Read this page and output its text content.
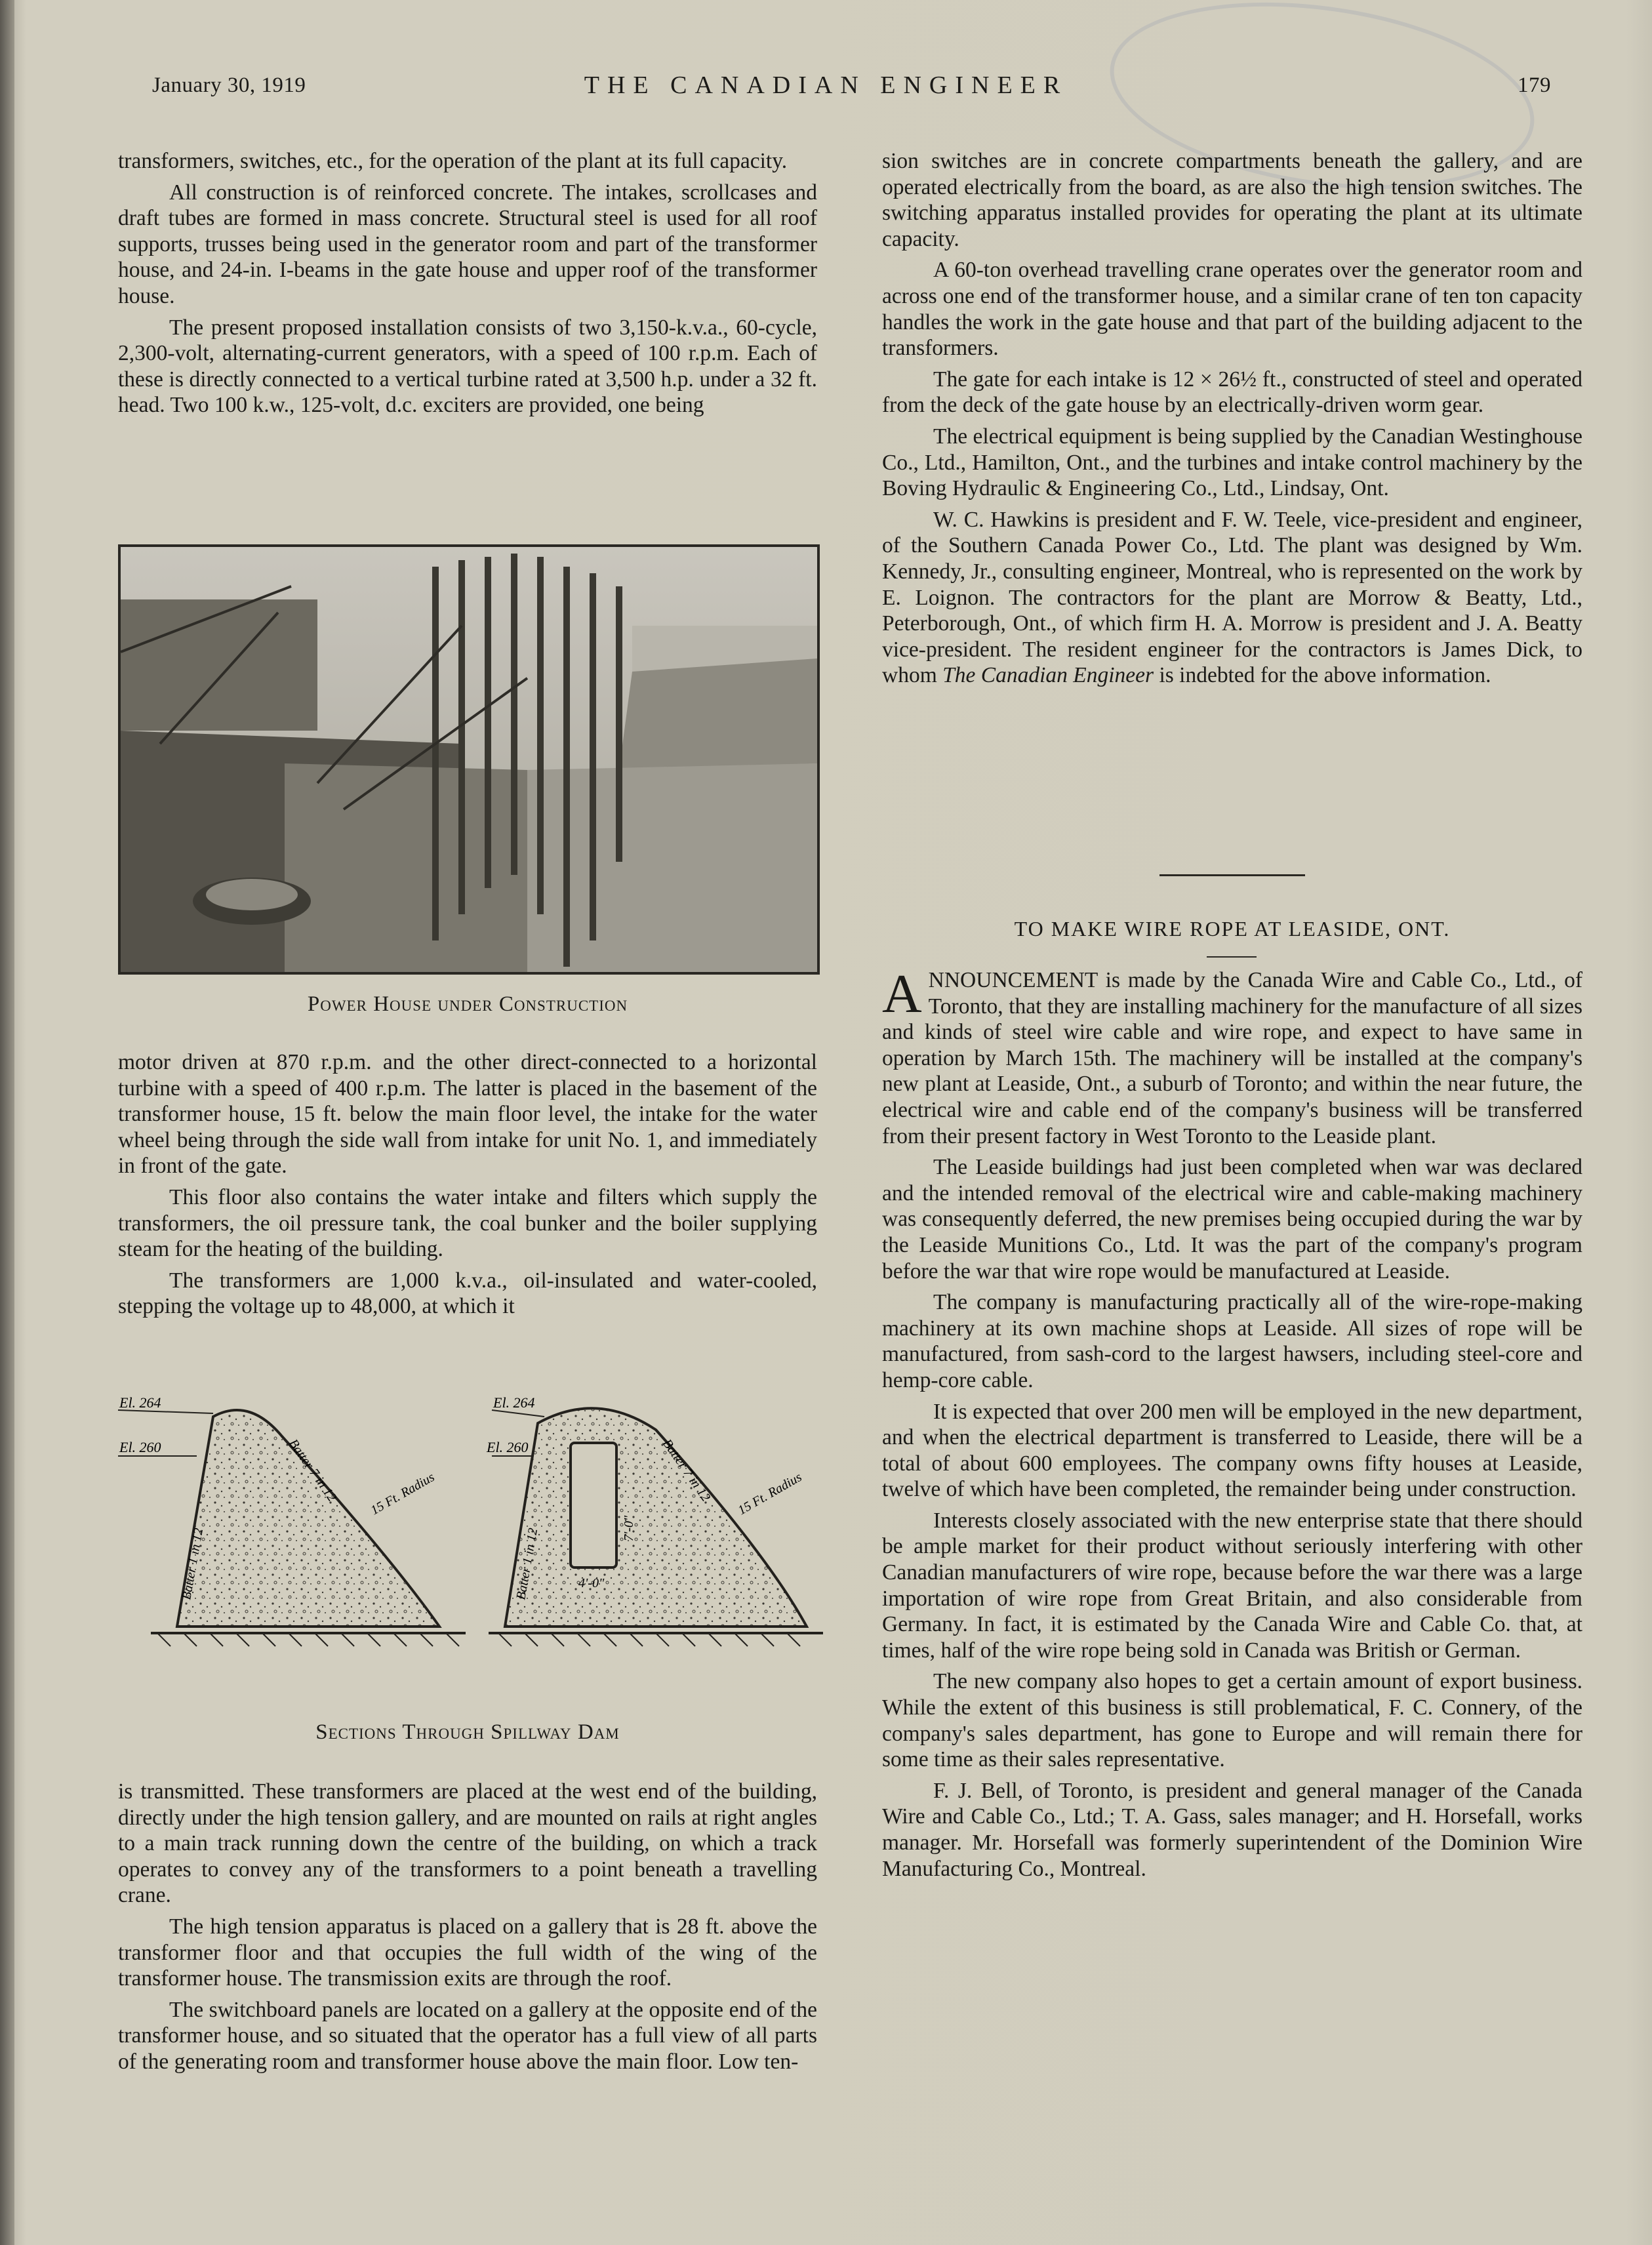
January 30, 1919	THE CANADIAN ENGINEER	179

transformers, switches, etc., for the operation of the plant at its full capacity.

All construction is of reinforced concrete. The intakes, scrollcases and draft tubes are formed in mass concrete. Structural steel is used for all roof supports, trusses being used in the generator room and part of the transformer house, and 24-in. I-beams in the gate house and upper roof of the transformer house.

The present proposed installation consists of two 3,150-k.v.a., 60-cycle, 2,300-volt, alternating-current generators, with a speed of 100 r.p.m. Each of these is directly connected to a vertical turbine rated at 3,500 h.p. under a 32 ft. head. Two 100 k.w., 125-volt, d.c. exciters are provided, one being

Power House under Construction

motor driven at 870 r.p.m. and the other direct-connected to a horizontal turbine with a speed of 400 r.p.m. The latter is placed in the basement of the transformer house, 15 ft. below the main floor level, the intake for the water wheel being through the side wall from intake for unit No. 1, and immediately in front of the gate.

This floor also contains the water intake and filters which supply the transformers, the oil pressure tank, the coal bunker and the boiler supplying steam for the heating of the building.

The transformers are 1,000 k.v.a., oil-insulated and water-cooled, stepping the voltage up to 48,000, at which it

El. 264
El. 260
Batter 1 in 12
Batter 7 in 12 15 Ft. Radius
El. 264
El. 260
Batter 1 in 12
Batter 7 in 12 15 Ft. Radius
7'-0"
4'-0"
Sections Through Spillway Dam

is transmitted. These transformers are placed at the west end of the building, directly under the high tension gallery, and are mounted on rails at right angles to a main track running down the centre of the building, on which a track operates to convey any of the transformers to a point beneath a travelling crane.

The high tension apparatus is placed on a gallery that is 28 ft. above the transformer floor and that occupies the full width of the wing of the transformer house. The transmission exits are through the roof.

The switchboard panels are located on a gallery at the opposite end of the transformer house, and so situated that the operator has a full view of all parts of the generating room and transformer house above the main floor. Low ten-

sion switches are in concrete compartments beneath the gallery, and are operated electrically from the board, as are also the high tension switches. The switching apparatus installed provides for operating the plant at its ultimate capacity.

A 60-ton overhead travelling crane operates over the generator room and across one end of the transformer house, and a similar crane of ten ton capacity handles the work in the gate house and that part of the building adjacent to the transformers.

The gate for each intake is 12 × 26½ ft., constructed of steel and operated from the deck of the gate house by an electrically-driven worm gear.

The electrical equipment is being supplied by the Canadian Westinghouse Co., Ltd., Hamilton, Ont., and the turbines and intake control machinery by the Boving Hydraulic & Engineering Co., Ltd., Lindsay, Ont.

W. C. Hawkins is president and F. W. Teele, vice-president and engineer, of the Southern Canada Power Co., Ltd. The plant was designed by Wm. Kennedy, Jr., consulting engineer, Montreal, who is represented on the work by E. Loignon. The contractors for the plant are Morrow & Beatty, Ltd., Peterborough, Ont., of which firm H. A. Morrow is president and J. A. Beatty vice-president. The resident engineer for the contractors is James Dick, to whom The Canadian Engineer is indebted for the above information.

TO MAKE WIRE ROPE AT LEASIDE, ONT.

ANNOUNCEMENT is made by the Canada Wire and Cable Co., Ltd., of Toronto, that they are installing machinery for the manufacture of all sizes and kinds of steel wire cable and wire rope, and expect to have same in operation by March 15th. The machinery will be installed at the company's new plant at Leaside, Ont., a suburb of Toronto; and within the near future, the electrical wire and cable end of the company's business will be transferred from their present factory in West Toronto to the Leaside plant.

The Leaside buildings had just been completed when war was declared and the intended removal of the electrical wire and cable-making machinery was consequently deferred, the new premises being occupied during the war by the Leaside Munitions Co., Ltd. It was the part of the company's program before the war that wire rope would be manufactured at Leaside.

The company is manufacturing practically all of the wire-rope-making machinery at its own machine shops at Leaside. All sizes of rope will be manufactured, from sash-cord to the largest hawsers, including steel-core and hemp-core cable.

It is expected that over 200 men will be employed in the new department, and when the electrical department is transferred to Leaside, there will be a total of about 600 employees. The company owns fifty houses at Leaside, twelve of which have been completed, the remainder being under construction.

Interests closely associated with the new enterprise state that there should be ample market for their product without seriously interfering with other Canadian manufacturers of wire rope, because before the war there was a large importation of wire rope from Great Britain, and also considerable from Germany. In fact, it is estimated by the Canada Wire and Cable Co. that, at times, half of the wire rope being sold in Canada was British or German.

The new company also hopes to get a certain amount of export business. While the extent of this business is still problematical, F. C. Connery, of the company's sales department, has gone to Europe and will remain there for some time as their sales representative.

F. J. Bell, of Toronto, is president and general manager of the Canada Wire and Cable Co., Ltd.; T. A. Gass, sales manager; and H. Horsefall, works manager. Mr. Horsefall was formerly superintendent of the Dominion Wire Manufacturing Co., Montreal.
